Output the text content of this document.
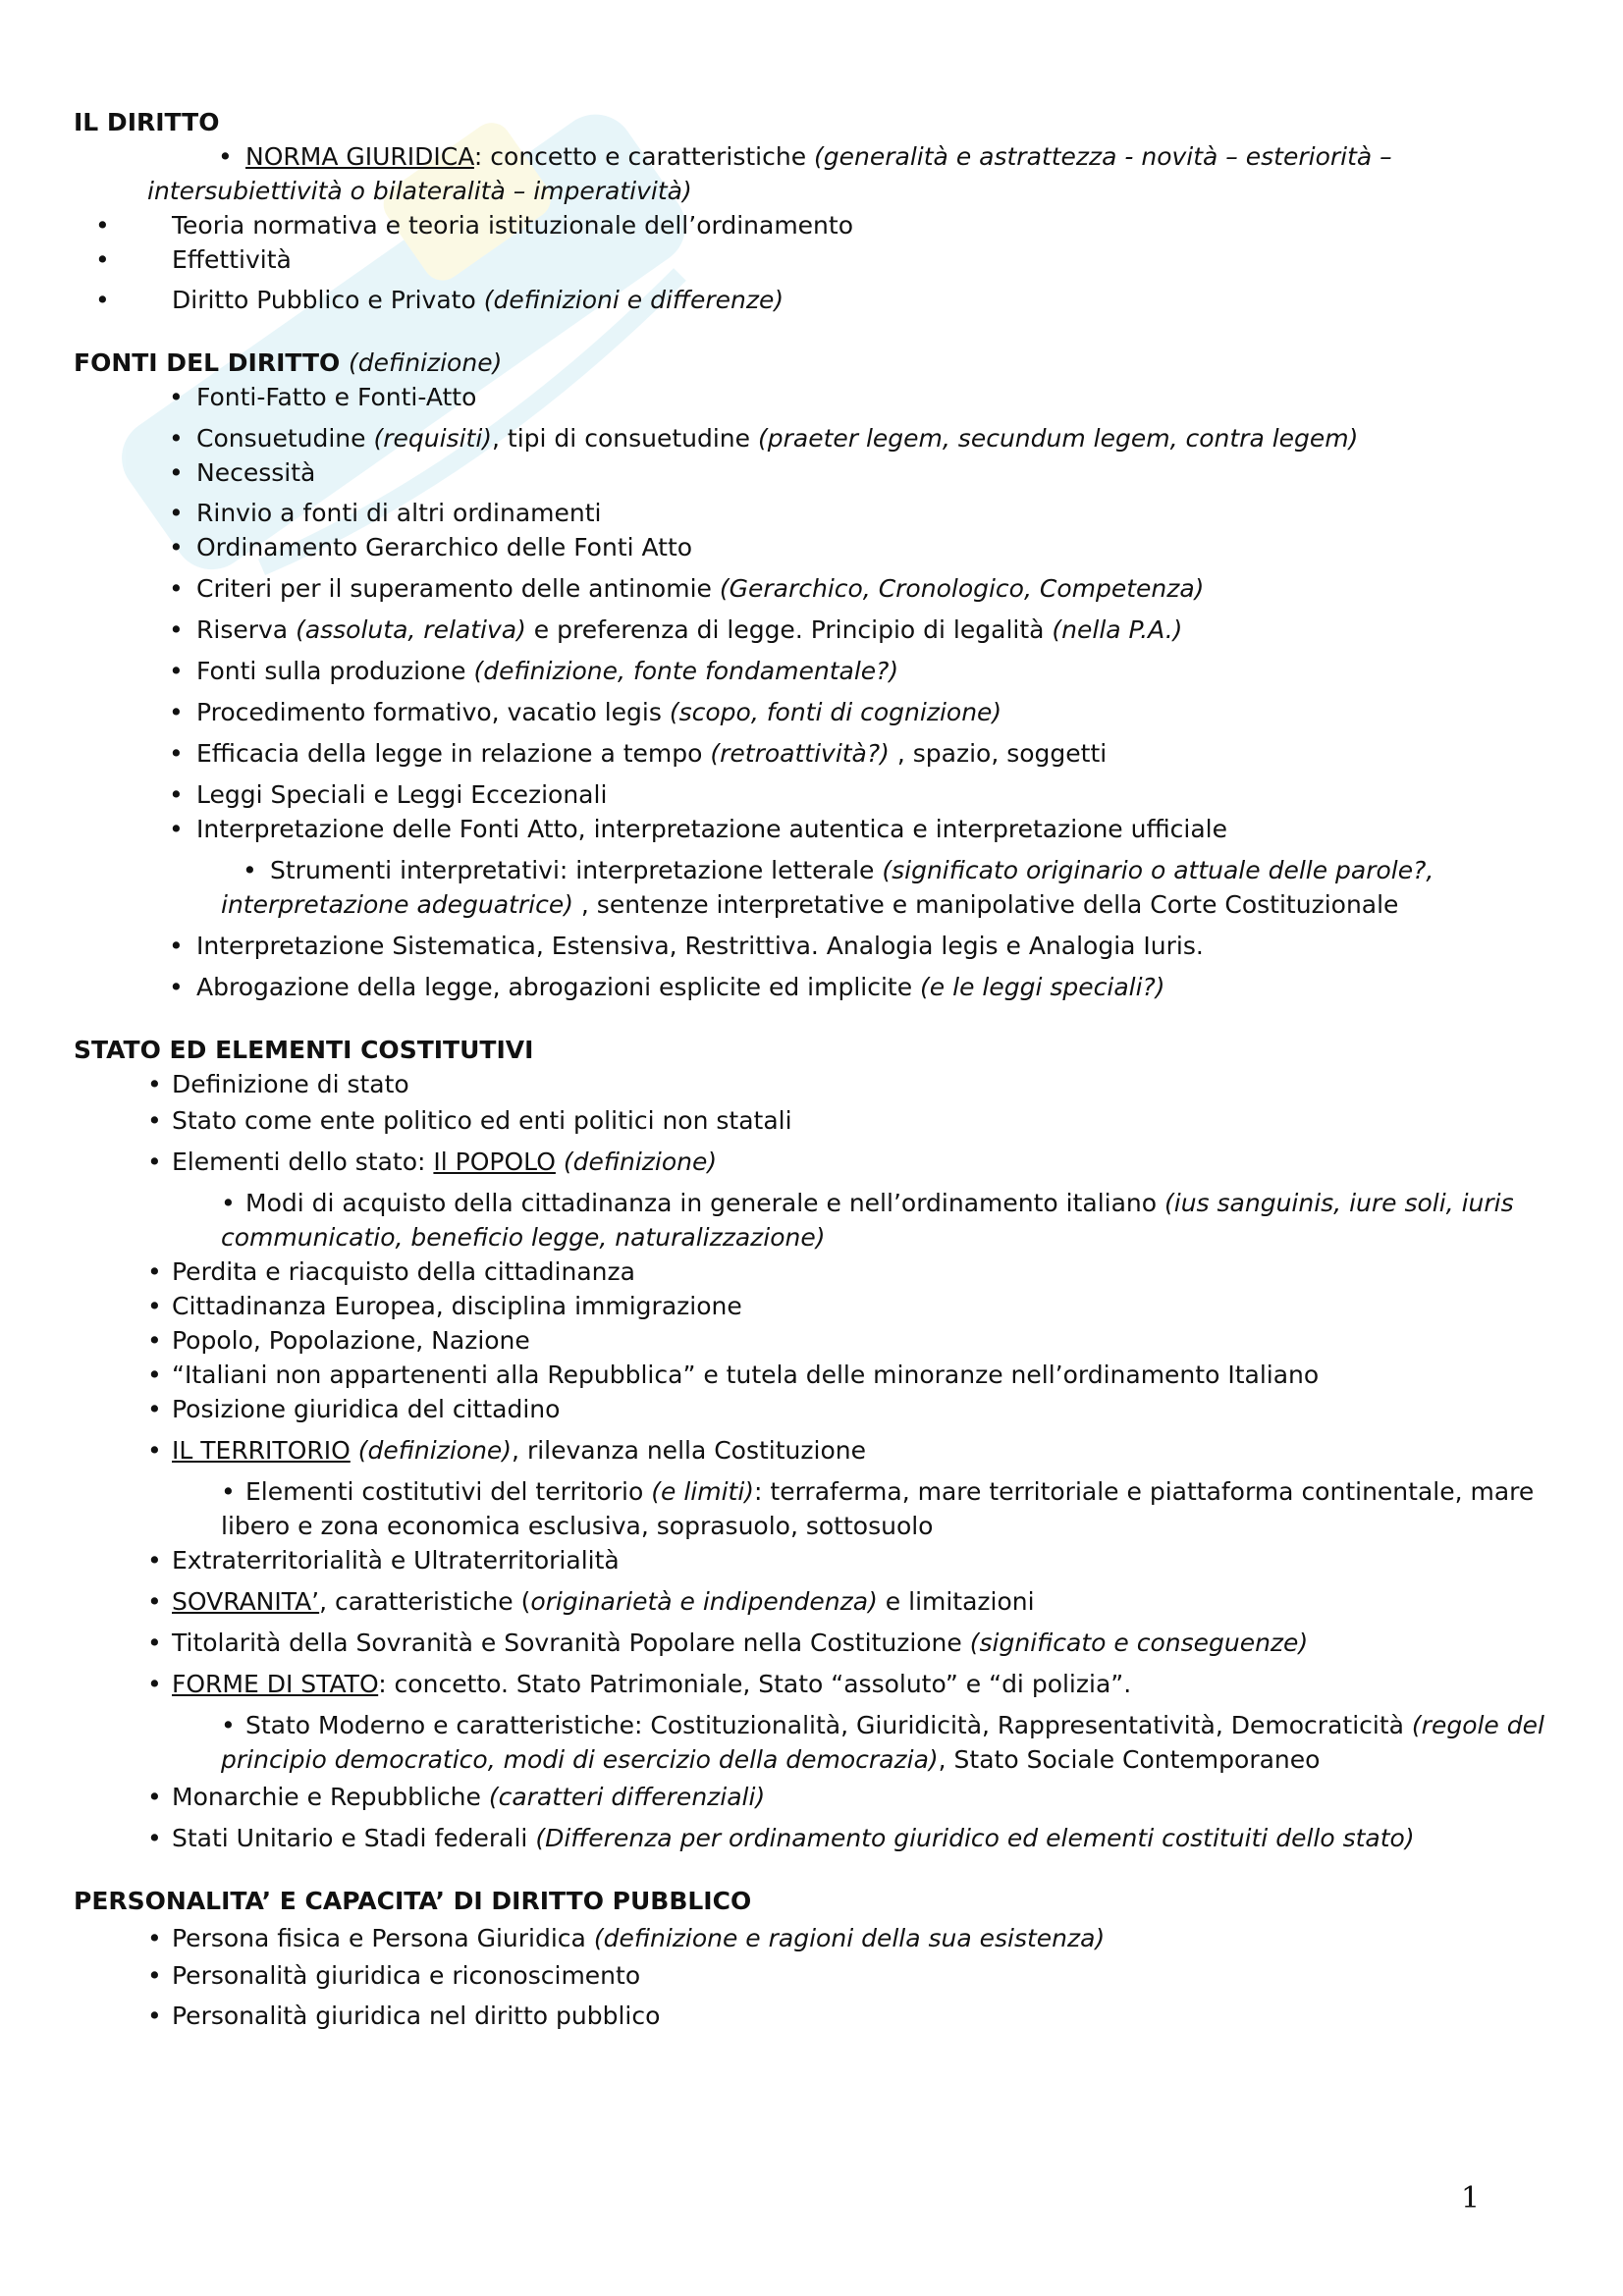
IL DIRITTO
• NORMA GIURIDICA: concetto e caratteristiche (generalità e astrattezza - novità – esteriorità – intersubiettività o bilateralità – imperatività)
•	Teoria normativa e teoria istituzionale dell’ordinamento
•	Effettività
•	Diritto Pubblico e Privato (definizioni e differenze)
FONTI DEL DIRITTO (definizione)
• Fonti-Fatto e Fonti-Atto
• Consuetudine (requisiti), tipi di consuetudine (praeter legem, secundum legem, contra legem)
• Necessità
• Rinvio a fonti di altri ordinamenti
• Ordinamento Gerarchico delle Fonti Atto
• Criteri per il superamento delle antinomie (Gerarchico, Cronologico, Competenza)
• Riserva (assoluta, relativa) e preferenza di legge. Principio di legalità (nella P.A.)
• Fonti sulla produzione (definizione, fonte fondamentale?)
• Procedimento formativo, vacatio legis (scopo, fonti di cognizione)
• Efficacia della legge in relazione a tempo (retroattività?) , spazio, soggetti
• Leggi Speciali e Leggi Eccezionali
• Interpretazione delle Fonti Atto, interpretazione autentica e interpretazione ufficiale
• Strumenti interpretativi: interpretazione letterale (significato originario o attuale delle parole?, interpretazione adeguatrice) , sentenze interpretative e manipolative della Corte Costituzionale
• Interpretazione Sistematica, Estensiva, Restrittiva. Analogia legis e Analogia Iuris.
• Abrogazione della legge, abrogazioni esplicite ed implicite (e le leggi speciali?)
STATO ED ELEMENTI COSTITUTIVI
• Definizione di stato
• Stato come ente politico ed enti politici non statali
• Elementi dello stato: Il POPOLO (definizione)
• Modi di acquisto della cittadinanza in generale e nell’ordinamento italiano (ius sanguinis, iure soli, iuris communicatio, beneficio legge, naturalizzazione)
• Perdita e riacquisto della cittadinanza
• Cittadinanza Europea, disciplina immigrazione
• Popolo, Popolazione, Nazione
• “Italiani non appartenenti alla Repubblica” e tutela delle minoranze nell’ordinamento Italiano
• Posizione giuridica del cittadino
• IL TERRITORIO (definizione), rilevanza nella Costituzione
• Elementi costitutivi del territorio (e limiti): terraferma, mare territoriale e piattaforma continentale, mare libero e zona economica esclusiva, soprasuolo, sottosuolo
• Extraterritorialità e Ultraterritorialità
• SOVRANITA’, caratteristiche (originarietà e indipendenza) e limitazioni
• Titolarità della Sovranità e Sovranità Popolare nella Costituzione (significato e conseguenze)
• FORME DI STATO: concetto. Stato Patrimoniale, Stato “assoluto” e “di polizia”.
• Stato Moderno e caratteristiche: Costituzionalità, Giuridicità, Rappresentatività, Democraticità (regole del principio democratico, modi di esercizio della democrazia), Stato Sociale Contemporaneo
• Monarchie e Repubbliche (caratteri differenziali)
• Stati Unitario e Stadi federali (Differenza per ordinamento giuridico ed elementi costituiti dello stato)
PERSONALITA’ E CAPACITA’ DI DIRITTO PUBBLICO
• Persona fisica e Persona Giuridica (definizione e ragioni della sua esistenza)
• Personalità giuridica e riconoscimento
• Personalità giuridica nel diritto pubblico
1
